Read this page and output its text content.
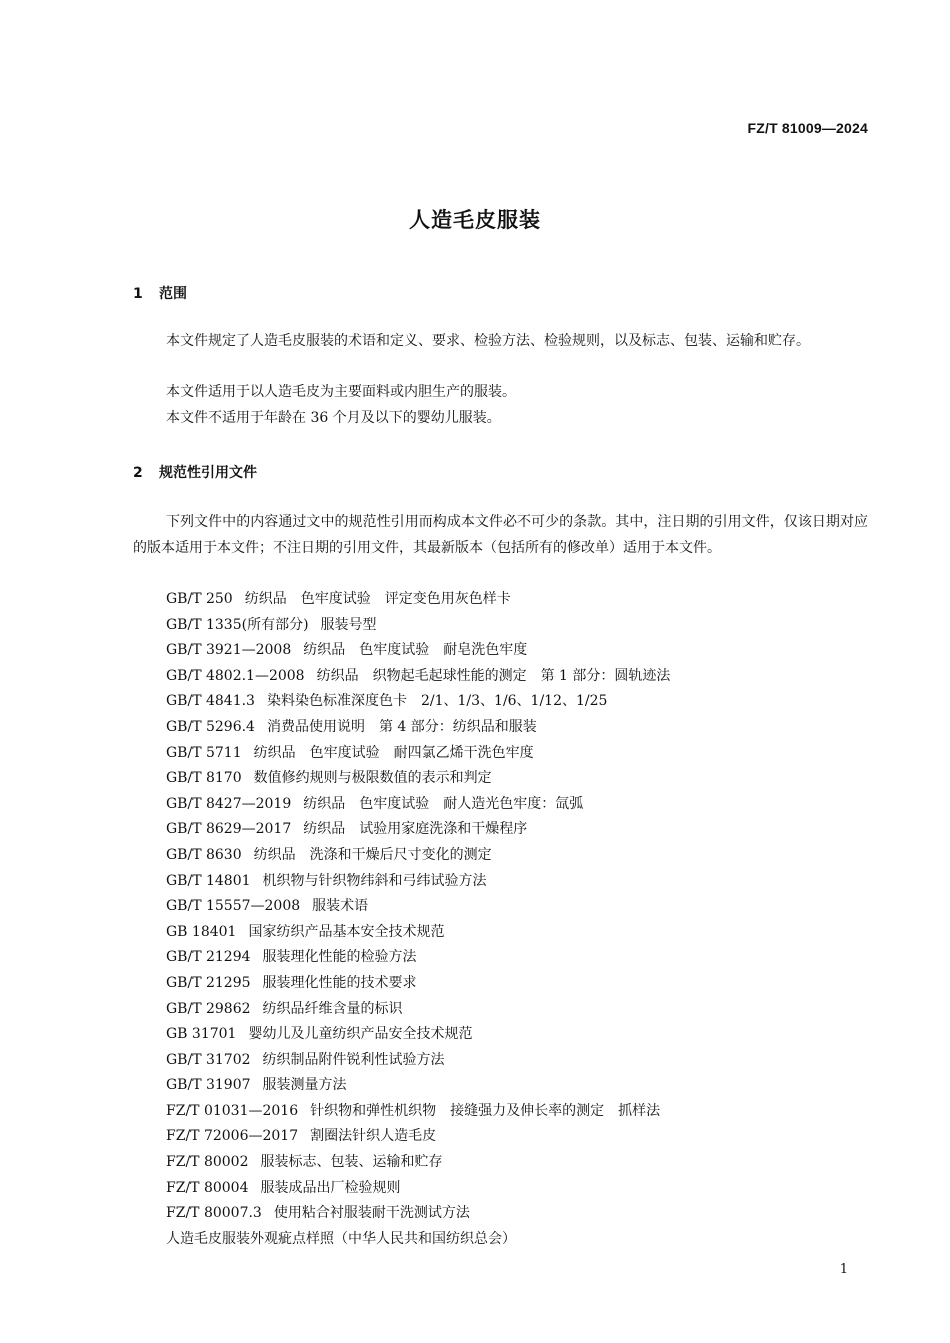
FZ/T 81009—2024
人造毛皮服装
1 范围

本文件规定了人造毛皮服装的术语和定义、要求、检验方法、检验规则，以及标志、包装、运输和贮存。

本文件适用于以人造毛皮为主要面料或内胆生产的服装。

本文件不适用于年龄在 36 个月及以下的婴幼儿服装。

2 规范性引用文件

下列文件中的内容通过文中的规范性引用而构成本文件必不可少的条款。其中，注日期的引用文件，仅该日期对应的版本适用于本文件；不注日期的引用文件，其最新版本（包括所有的修改单）适用于本文件。

GB/T 250 纺织品　色牢度试验　评定变色用灰色样卡
GB/T 1335(所有部分) 服装号型
GB/T 3921—2008 纺织品　色牢度试验　耐皂洗色牢度
GB/T 4802.1—2008 纺织品　织物起毛起球性能的测定　第 1 部分：圆轨迹法
GB/T 4841.3 染料染色标准深度色卡　2/1、1/3、1/6、1/12、1/25
GB/T 5296.4 消费品使用说明　第 4 部分：纺织品和服装
GB/T 5711 纺织品　色牢度试验　耐四氯乙烯干洗色牢度
GB/T 8170 数值修约规则与极限数值的表示和判定
GB/T 8427—2019 纺织品　色牢度试验　耐人造光色牢度：氙弧
GB/T 8629—2017 纺织品　试验用家庭洗涤和干燥程序
GB/T 8630 纺织品　洗涤和干燥后尺寸变化的测定
GB/T 14801 机织物与针织物纬斜和弓纬试验方法
GB/T 15557—2008 服装术语
GB 18401 国家纺织产品基本安全技术规范
GB/T 21294 服装理化性能的检验方法
GB/T 21295 服装理化性能的技术要求
GB/T 29862 纺织品纤维含量的标识
GB 31701 婴幼儿及儿童纺织产品安全技术规范
GB/T 31702 纺织制品附件锐利性试验方法
GB/T 31907 服装测量方法
FZ/T 01031—2016 针织物和弹性机织物　接缝强力及伸长率的测定　抓样法
FZ/T 72006—2017 割圈法针织人造毛皮
FZ/T 80002 服装标志、包装、运输和贮存
FZ/T 80004 服装成品出厂检验规则
FZ/T 80007.3 使用粘合衬服装耐干洗测试方法
人造毛皮服装外观疵点样照（中华人民共和国纺织总会）
1
